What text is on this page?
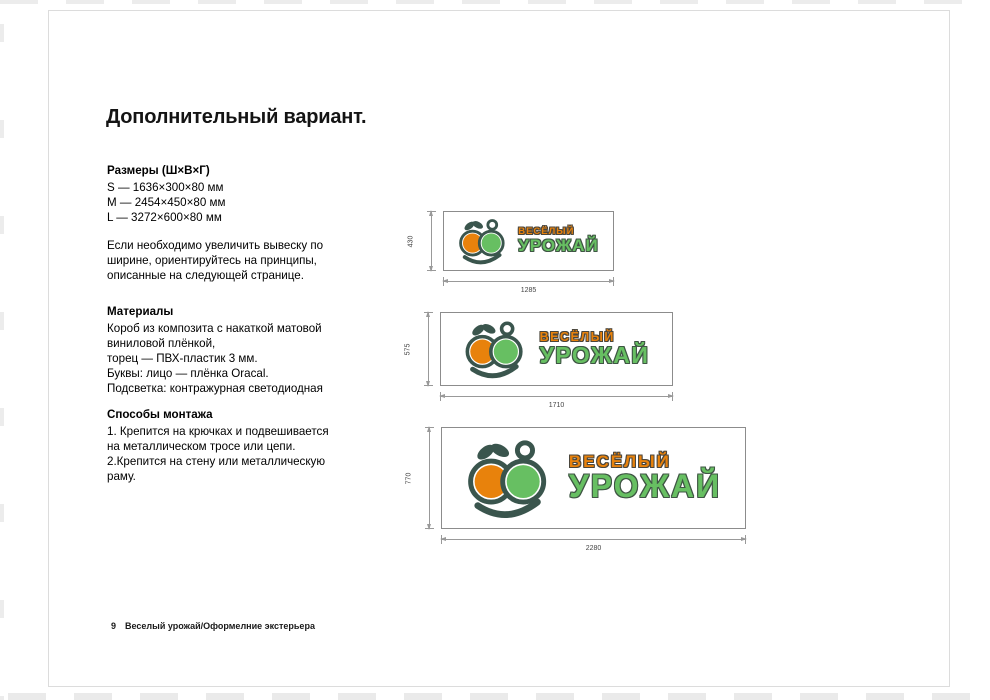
Дополнительный вариант.
Размеры (Ш×В×Г)
S — 1636×300×80 мм
M — 2454×450×80 мм
L — 3272×600×80 мм
Если необходимо увеличить вывеску по
ширине, ориентируйтесь на принципы,
описанные на следующей странице.
Материалы
Короб из композита с накаткой матовой
виниловой плёнкой,
торец — ПВХ-пластик 3 мм.
Буквы: лицо — плёнка Oracal.
Подсветка: контражурная светодиодная
Способы монтажа
1. Крепится на крючках и подвешивается
на металлическом тросе или цепи.
2.Крепится на стену или металлическую
раму.
430
1285
ВЕСЁЛЫЙ
УРОЖАЙ
575
1710
ВЕСЁЛЫЙ
УРОЖАЙ
770
2280
ВЕСЁЛЫЙ
УРОЖАЙ
9 Веселый урожай/Оформелние экстерьера
